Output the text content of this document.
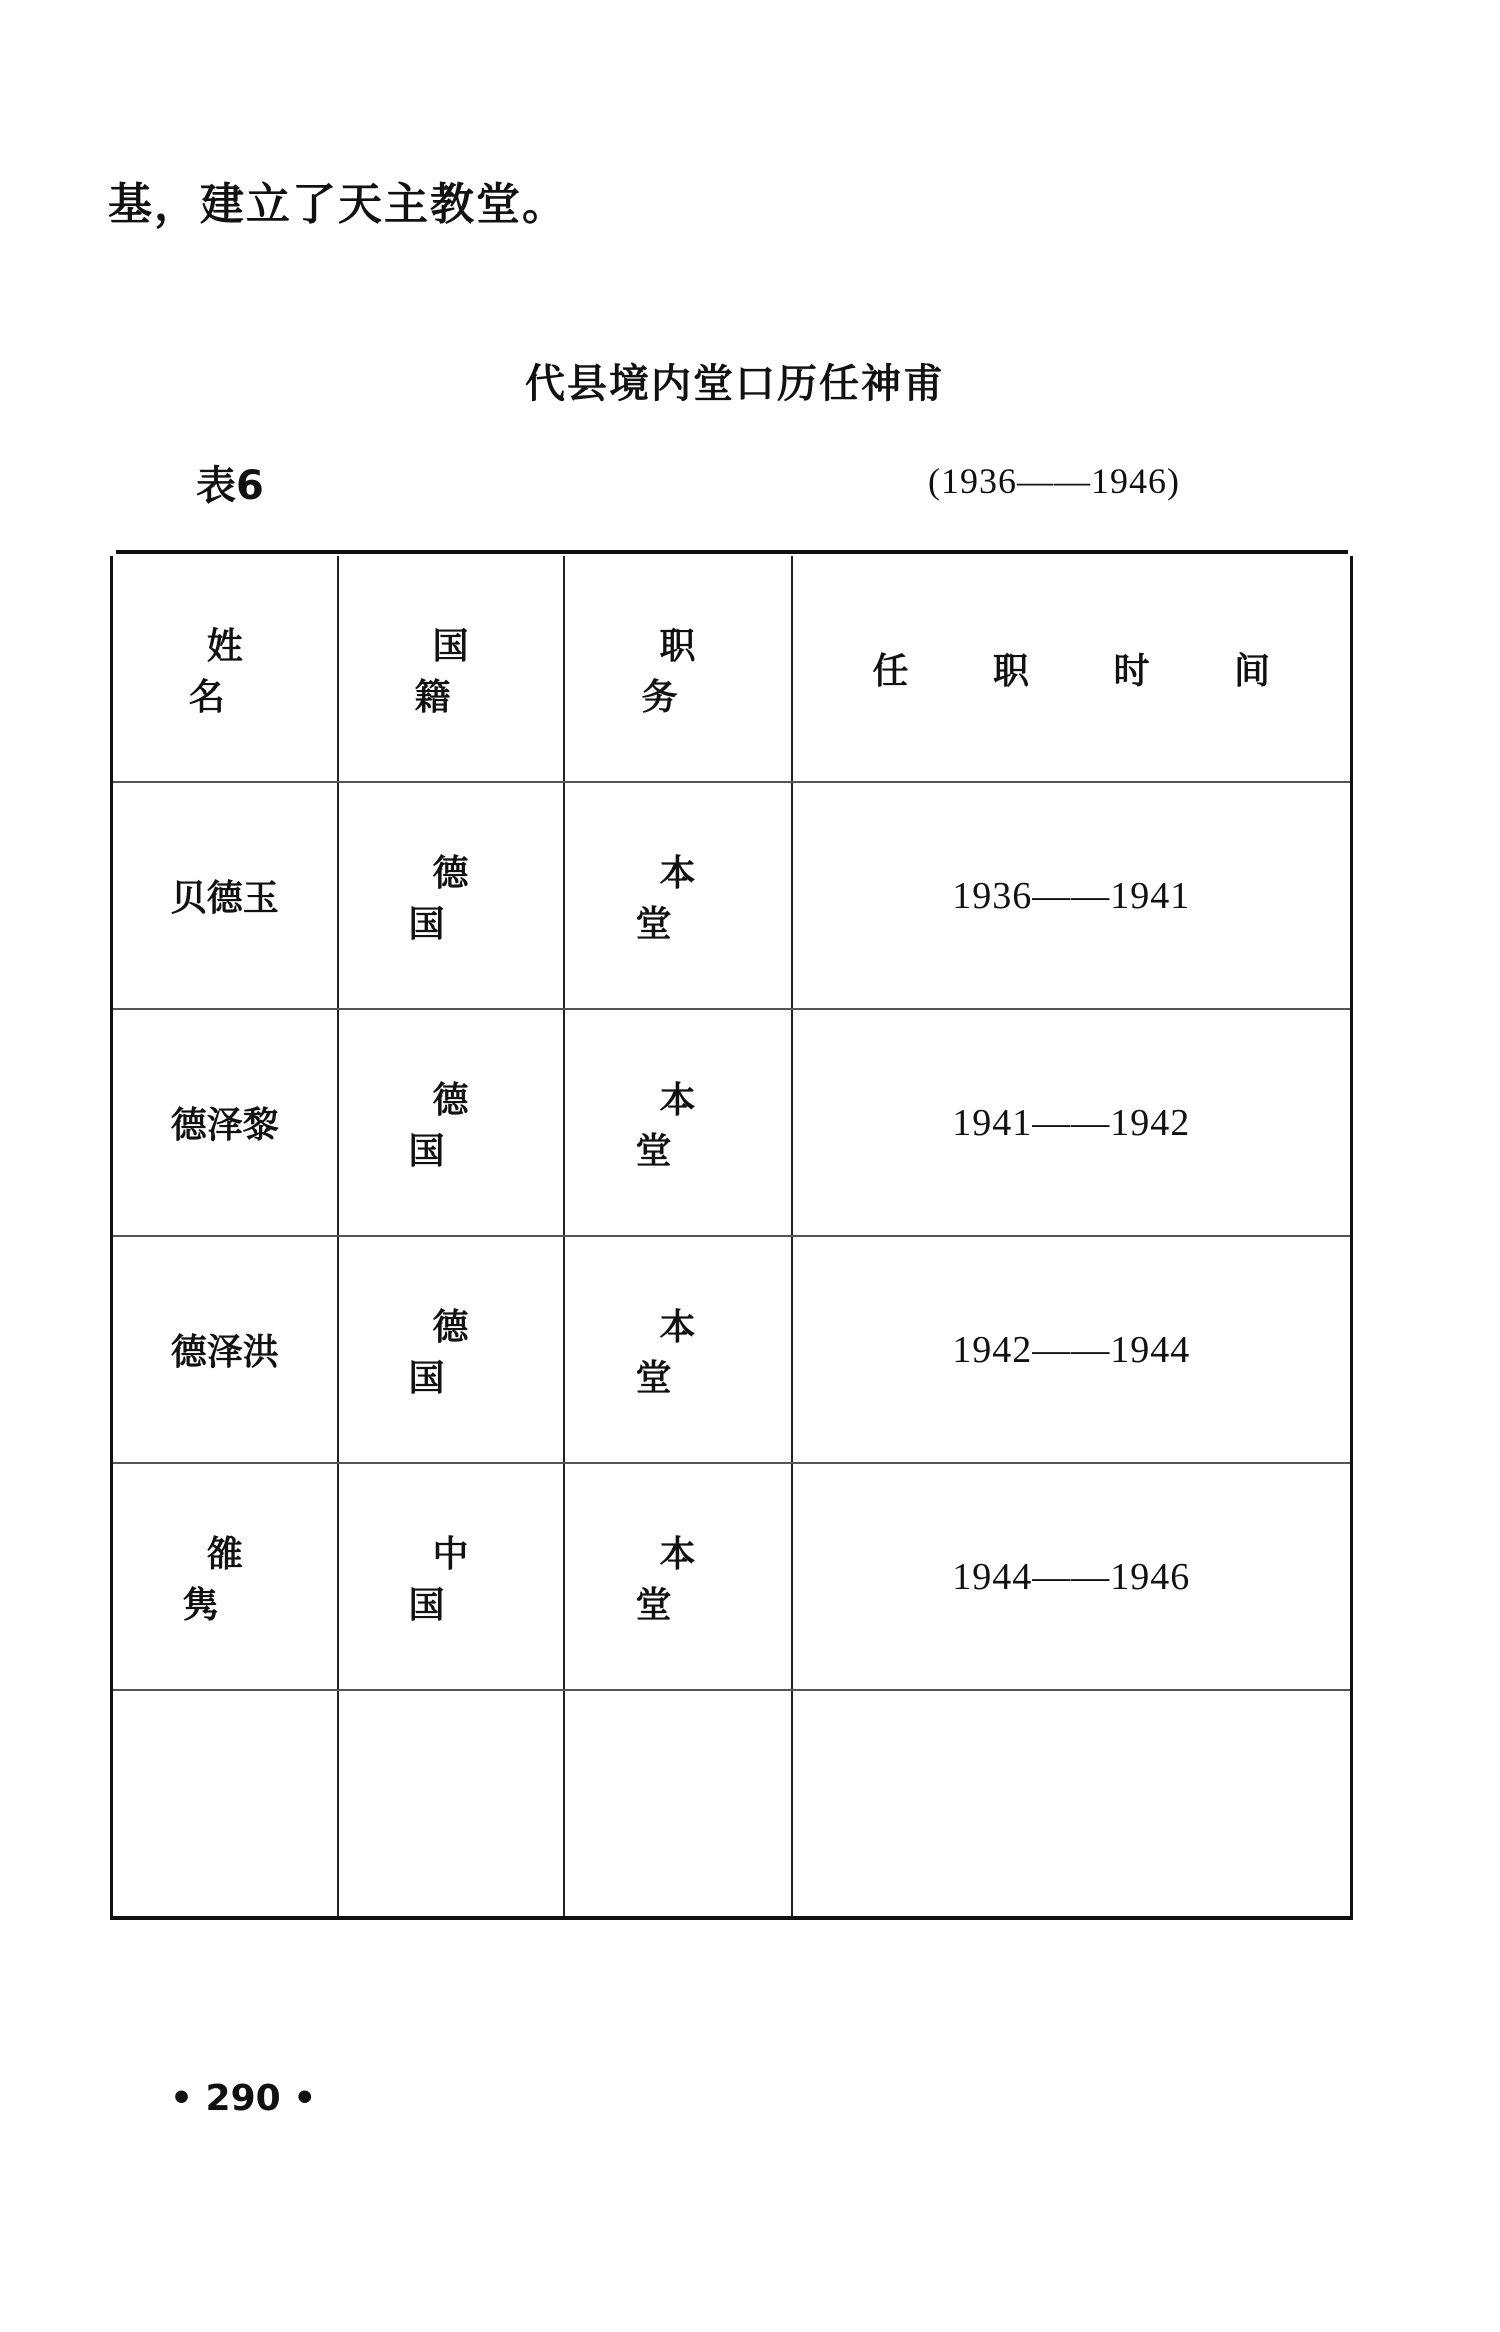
基，建立了天主教堂。
代县境内堂口历任神甫
表6	(1936——1946)
姓 名	国 籍	职 务	任 职 时 间
贝德玉	德 国	本 堂	1936——1941
德泽黎	德 国	本 堂	1941——1942
德泽洪	德 国	本 堂	1942——1944
雒 隽	中 国	本 堂	1944——1946

• 290 •
